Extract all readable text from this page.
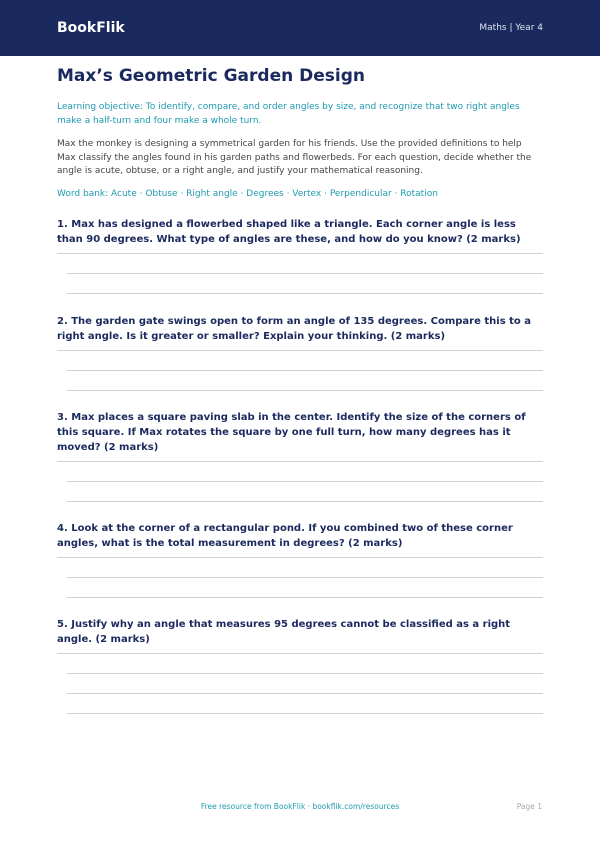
BookFlik	Maths | Year 4
Max’s Geometric Garden Design
Learning objective: To identify, compare, and order angles by size, and recognize that two right angles make a half-turn and four make a whole turn.
Max the monkey is designing a symmetrical garden for his friends. Use the provided definitions to help Max classify the angles found in his garden paths and flowerbeds. For each question, decide whether the angle is acute, obtuse, or a right angle, and justify your mathematical reasoning.
Word bank: Acute · Obtuse · Right angle · Degrees · Vertex · Perpendicular · Rotation
1. Max has designed a flowerbed shaped like a triangle. Each corner angle is less than 90 degrees. What type of angles are these, and how do you know? (2 marks)
2. The garden gate swings open to form an angle of 135 degrees. Compare this to a right angle. Is it greater or smaller? Explain your thinking. (2 marks)
3. Max places a square paving slab in the center. Identify the size of the corners of this square. If Max rotates the square by one full turn, how many degrees has it moved? (2 marks)
4. Look at the corner of a rectangular pond. If you combined two of these corner angles, what is the total measurement in degrees? (2 marks)
5. Justify why an angle that measures 95 degrees cannot be classified as a right angle. (2 marks)
Free resource from BookFlik · bookflik.com/resources	Page 1
